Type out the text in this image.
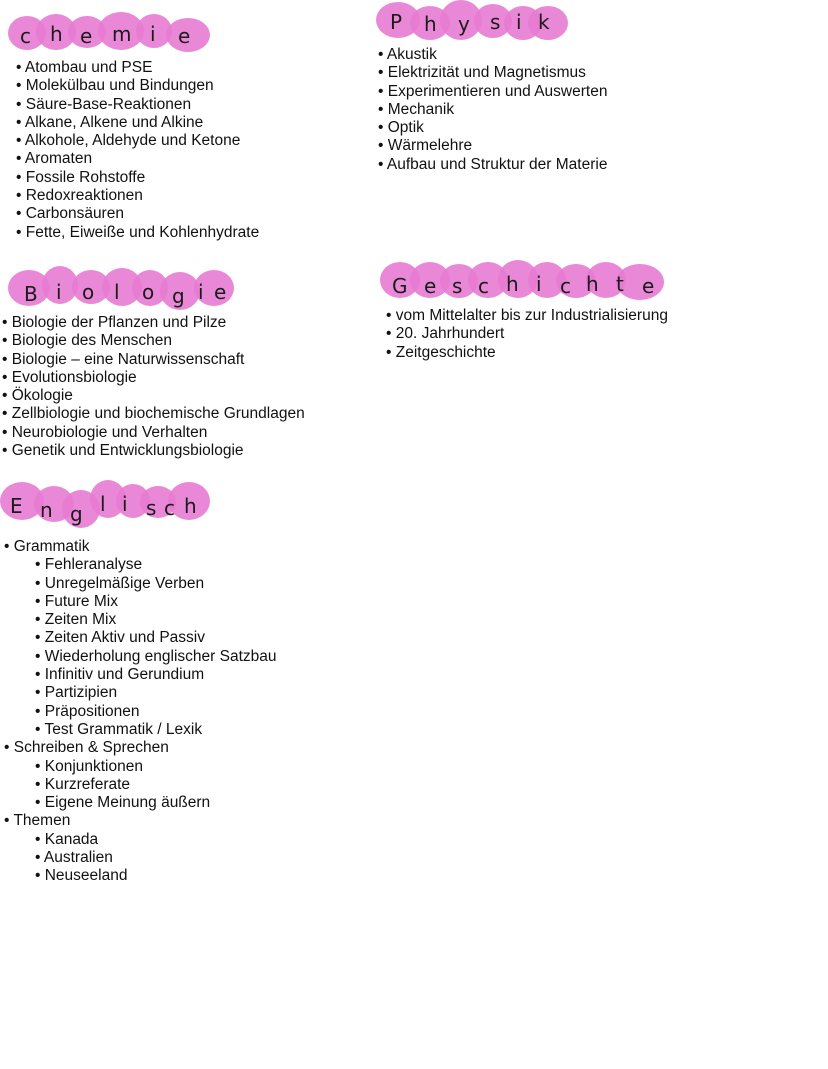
c h e m i e
• Atombau und PSE
• Molekülbau und Bindungen
• Säure-Base-Reaktionen
• Alkane, Alkene und Alkine
• Alkohole, Aldehyde und Ketone
• Aromaten
• Fossile Rohstoffe
• Redoxreaktionen
• Carbonsäuren
• Fette, Eiweiße und Kohlenhydrate
P h y s i k
• Akustik
• Elektrizität und Magnetismus
• Experimentieren und Auswerten
• Mechanik
• Optik
• Wärmelehre
• Aufbau und Struktur der Materie
B i o l o g i e
• Biologie der Pflanzen und Pilze
• Biologie des Menschen
• Biologie – eine Naturwissenschaft
• Evolutionsbiologie
• Ökologie
• Zellbiologie und biochemische Grundlagen
• Neurobiologie und Verhalten
• Genetik und Entwicklungsbiologie
G e s c h i c h t e
• vom Mittelalter bis zur Industrialisierung
• 20. Jahrhundert
• Zeitgeschichte
E n g l i s c h
• Grammatik
• Fehleranalyse
• Unregelmäßige Verben
• Future Mix
• Zeiten Mix
• Zeiten Aktiv und Passiv
• Wiederholung englischer Satzbau
• Infinitiv und Gerundium
• Partizipien
• Präpositionen
• Test Grammatik / Lexik
• Schreiben & Sprechen
• Konjunktionen
• Kurzreferate
• Eigene Meinung äußern
• Themen
• Kanada
• Australien
• Neuseeland
